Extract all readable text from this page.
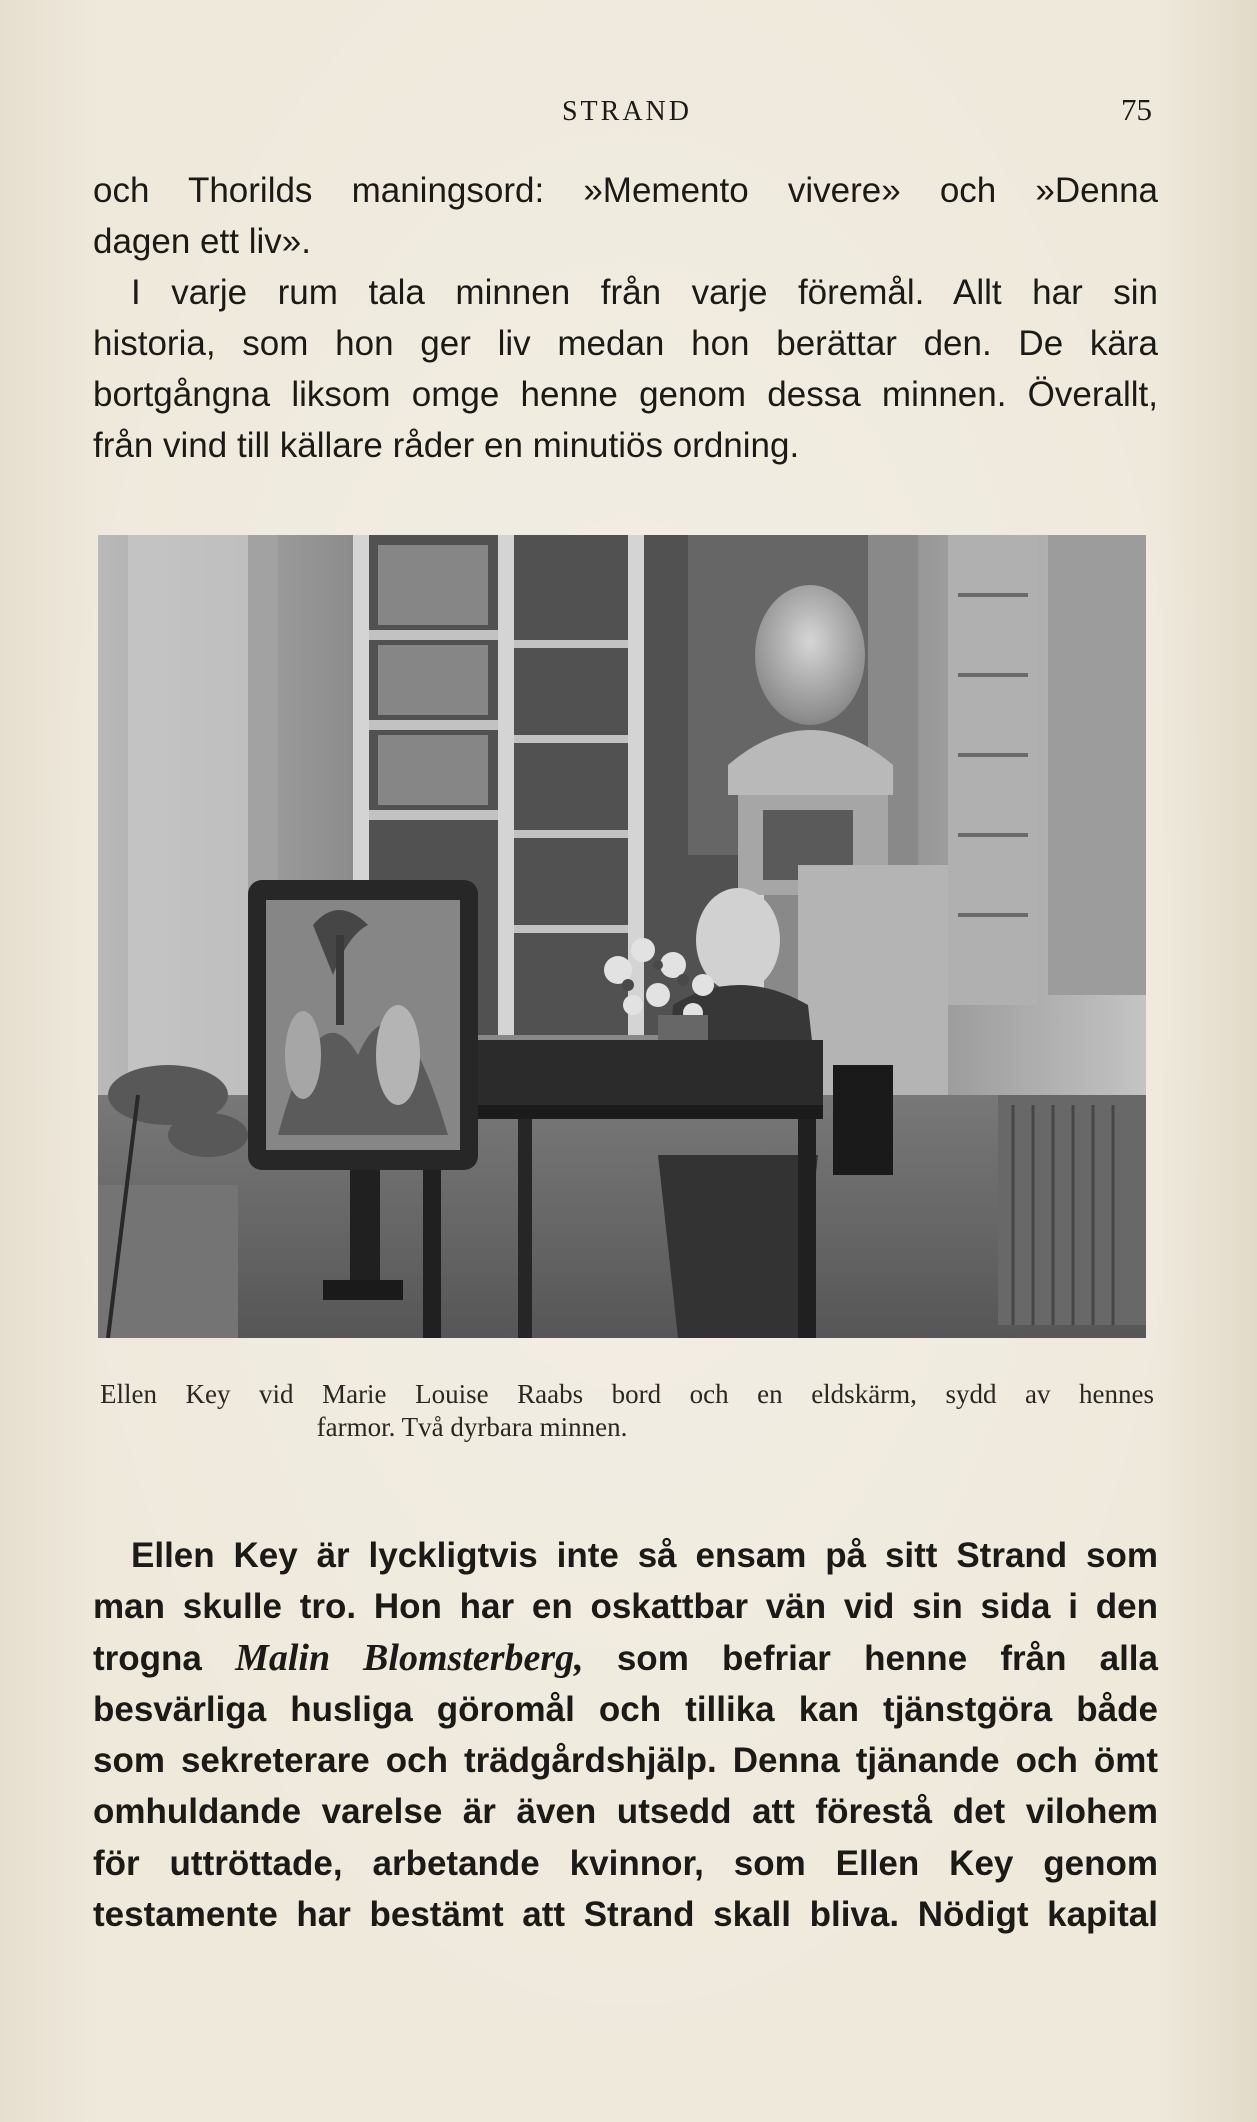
STRAND	75
och Thorilds maningsord: »Memento vivere» och »Denna
dagen ett liv».
I varje rum tala minnen från varje föremål. Allt har sin
historia, som hon ger liv medan hon berättar den. De kära
bortgångna liksom omge henne genom dessa minnen. Överallt,
från vind till källare råder en minutiös ordning.
Ellen Key vid Marie Louise Raabs bord och en eldskärm, sydd av hennes
farmor. Två dyrbara minnen.
Ellen Key är lyckligtvis inte så ensam på sitt Strand som
man skulle tro. Hon har en oskattbar vän vid sin sida i den
trogna Malin Blomsterberg, som befriar henne från alla
besvärliga husliga göromål och tillika kan tjänstgöra både
som sekreterare och trädgårdshjälp. Denna tjänande och ömt
omhuldande varelse är även utsedd att förestå det vilohem
för uttröttade, arbetande kvinnor, som Ellen Key genom
testamente har bestämt att Strand skall bliva. Nödigt kapital
